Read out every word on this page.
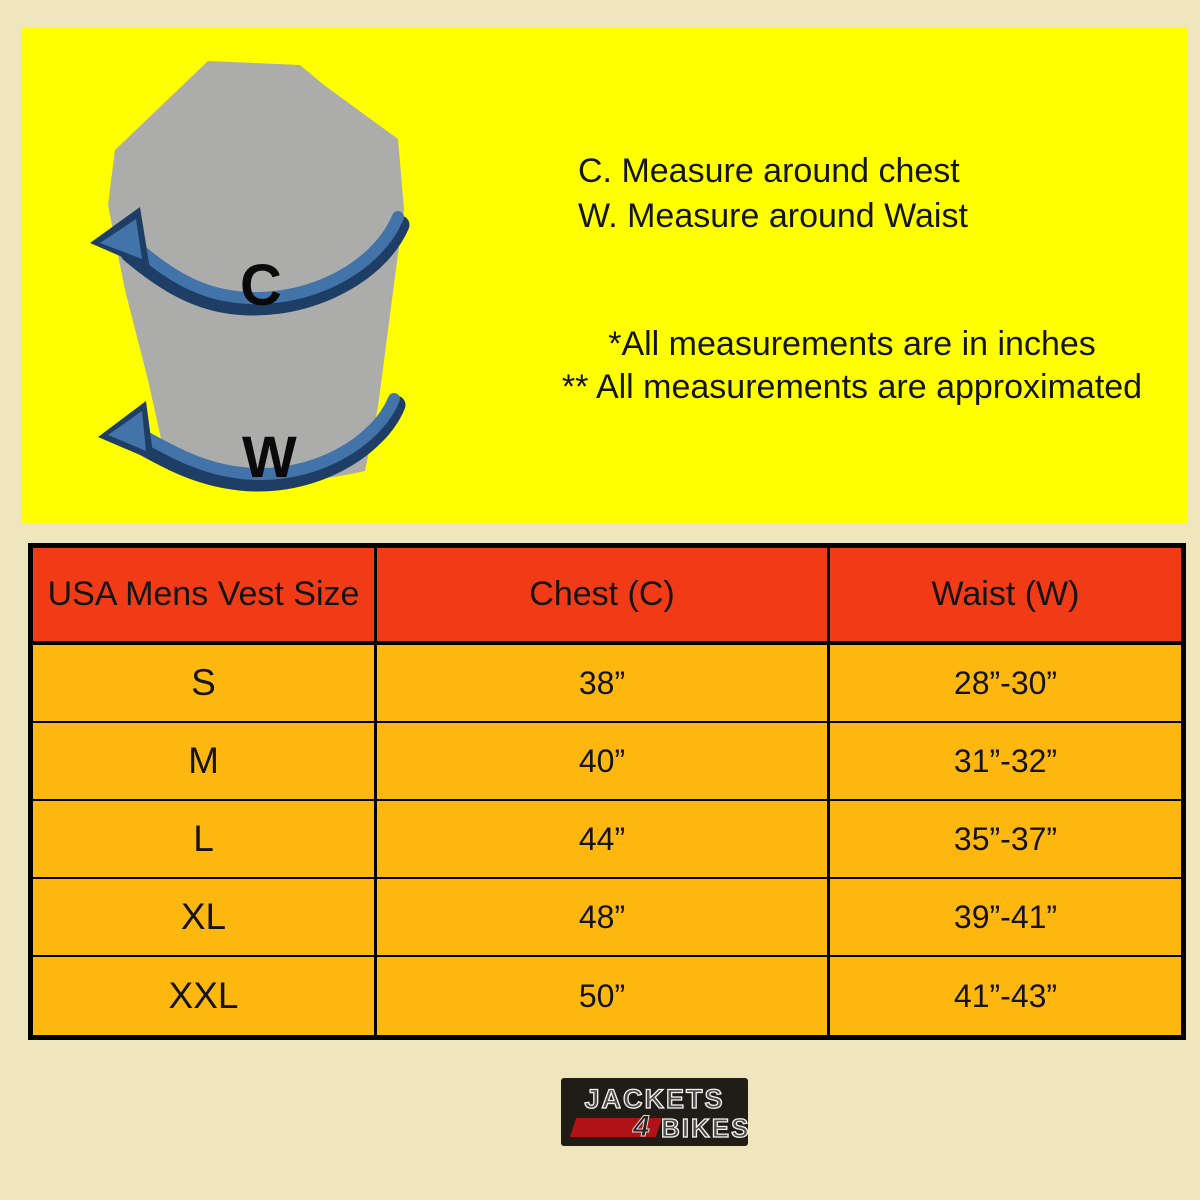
C
W
C. Measure around chest
W. Measure around Waist
*All measurements are in inches
** All measurements are approximated
USA Mens Vest Size	Chest (C)	Waist (W)
S	38”	28”-30”
M	40”	31”-32”
L	44”	35”-37”
XL	48”	39”-41”
XXL	50”	41”-43”
JACKETS
4 BIKES
